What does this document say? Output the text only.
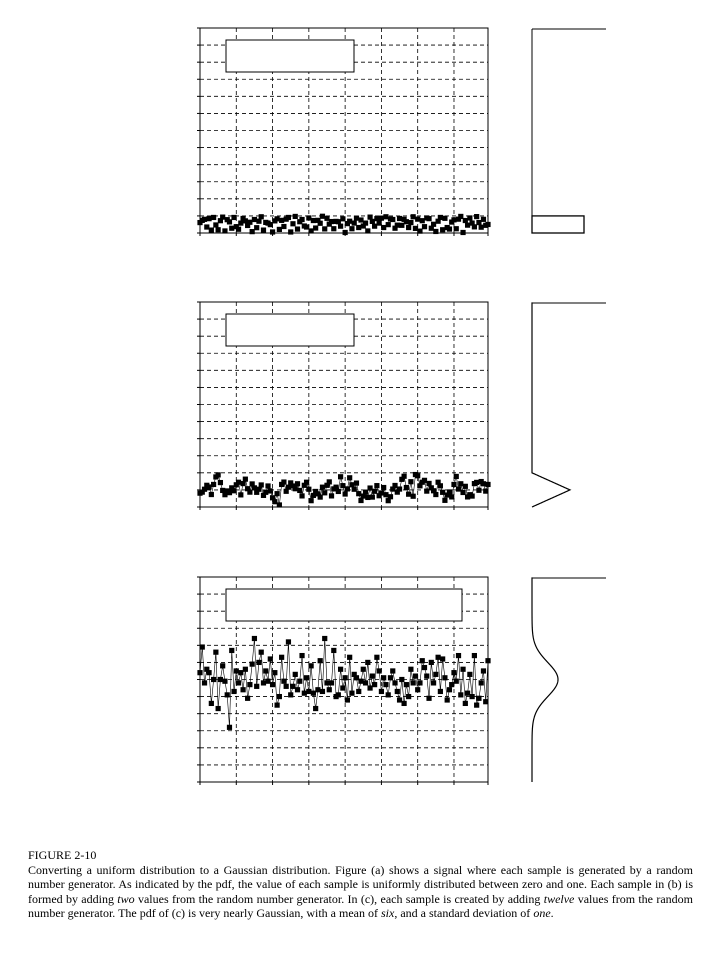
FIGURE 2-10
Converting a uniform distribution to a Gaussian distribution. Figure (a) shows a signal where each sample is generated by a random number generator. As indicated by the pdf, the value of each sample is uniformly distributed between zero and one. Each sample in (b) is formed by adding two values from the random number generator. In (c), each sample is created by adding twelve values from the random number generator. The pdf of (c) is very nearly Gaussian, with a mean of six, and a standard deviation of one.
